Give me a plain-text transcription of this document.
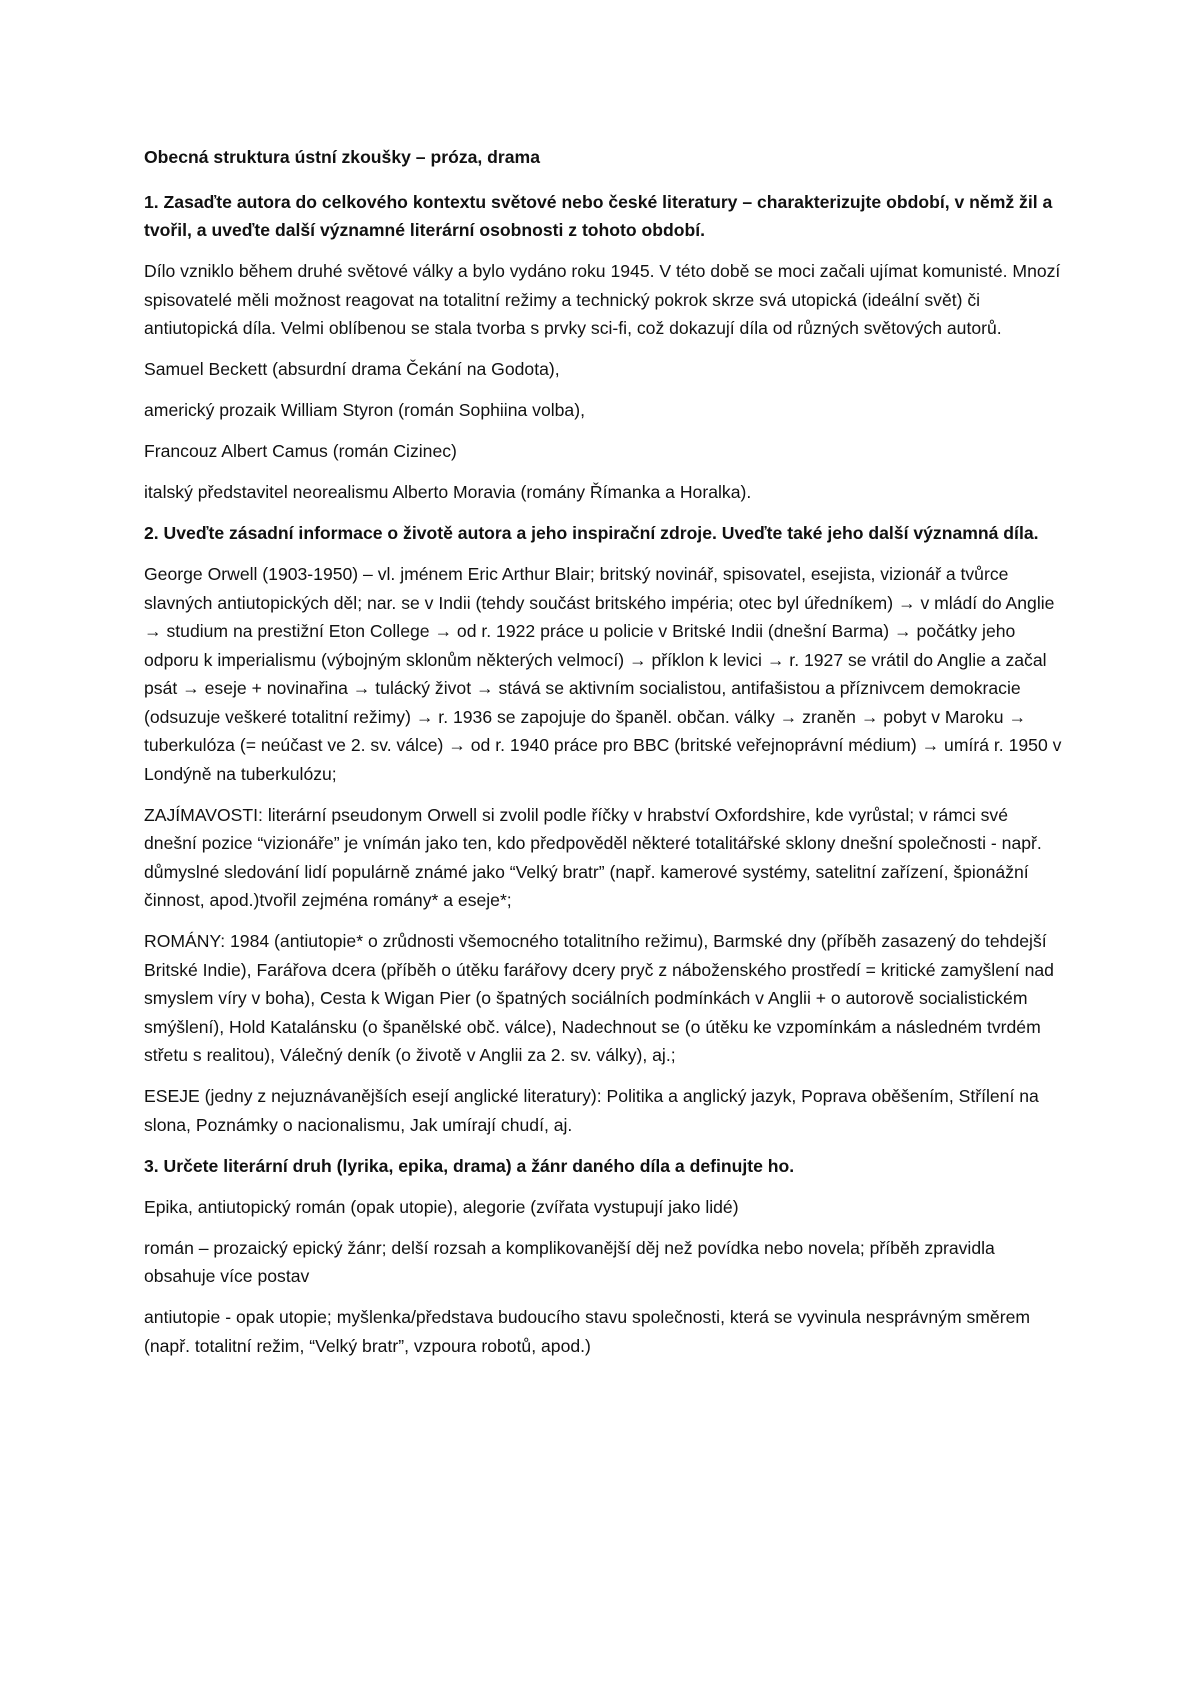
Obecná struktura ústní zkoušky – próza, drama

1. Zasaďte autora do celkového kontextu světové nebo české literatury – charakterizujte období, v němž žil a tvořil, a uveďte další významné literární osobnosti z tohoto období.

Dílo vzniklo během druhé světové války a bylo vydáno roku 1945. V této době se moci začali ujímat komunisté. Mnozí spisovatelé měli možnost reagovat na totalitní režimy a technický pokrok skrze svá utopická (ideální svět) či antiutopická díla. Velmi oblíbenou se stala tvorba s prvky sci-fi, což dokazují díla od různých světových autorů.

Samuel Beckett (absurdní drama Čekání na Godota),

americký prozaik William Styron (román Sophiina volba),

Francouz Albert Camus (román Cizinec)

italský představitel neorealismu Alberto Moravia (romány Římanka a Horalka).

2. Uveďte zásadní informace o životě autora a jeho inspirační zdroje. Uveďte také jeho další významná díla.

George Orwell (1903-1950) – vl. jménem Eric Arthur Blair; britský novinář, spisovatel, esejista, vizionář a tvůrce slavných antiutopických děl; nar. se v Indii (tehdy součást britského impéria; otec byl úředníkem) → v mládí do Anglie → studium na prestižní Eton College → od r. 1922 práce u policie v Britské Indii (dnešní Barma) → počátky jeho odporu k imperialismu (výbojným sklonům některých velmocí) → příklon k levici → r. 1927 se vrátil do Anglie a začal psát → eseje + novinařina → tulácký život → stává se aktivním socialistou, antifašistou a příznivcem demokracie (odsuzuje veškeré totalitní režimy) → r. 1936 se zapojuje do španěl. občan. války → zraněn → pobyt v Maroku → tuberkulóza (= neúčast ve 2. sv. válce) → od r. 1940 práce pro BBC (britské veřejnoprávní médium) → umírá r. 1950 v Londýně na tuberkulózu;

ZAJÍMAVOSTI: literární pseudonym Orwell si zvolil podle říčky v hrabství Oxfordshire, kde vyrůstal; v rámci své dnešní pozice “vizionáře” je vnímán jako ten, kdo předpověděl některé totalitářské sklony dnešní společnosti - např. důmyslné sledování lidí populárně známé jako “Velký bratr” (např. kamerové systémy, satelitní zařízení, špionážní činnost, apod.)tvořil zejména romány* a eseje*;

ROMÁNY: 1984 (antiutopie* o zrůdnosti všemocného totalitního režimu), Barmské dny (příběh zasazený do tehdejší Britské Indie), Farářova dcera (příběh o útěku farářovy dcery pryč z náboženského prostředí = kritické zamyšlení nad smyslem víry v boha), Cesta k Wigan Pier (o špatných sociálních podmínkách v Anglii + o autorově socialistickém smýšlení), Hold Katalánsku (o španělské obč. válce), Nadechnout se (o útěku ke vzpomínkám a následném tvrdém střetu s realitou), Válečný deník (o životě v Anglii za 2. sv. války), aj.;

ESEJE (jedny z nejuznávanějších esejí anglické literatury): Politika a anglický jazyk, Poprava oběšením, Střílení na slona, Poznámky o nacionalismu, Jak umírají chudí, aj.

3. Určete literární druh (lyrika, epika, drama) a žánr daného díla a definujte ho.

Epika, antiutopický román (opak utopie), alegorie (zvířata vystupují jako lidé)

román – prozaický epický žánr; delší rozsah a komplikovanější děj než povídka nebo novela; příběh zpravidla obsahuje více postav

antiutopie - opak utopie; myšlenka/představa budoucího stavu společnosti, která se vyvinula nesprávným směrem (např. totalitní režim, “Velký bratr”, vzpoura robotů, apod.)
